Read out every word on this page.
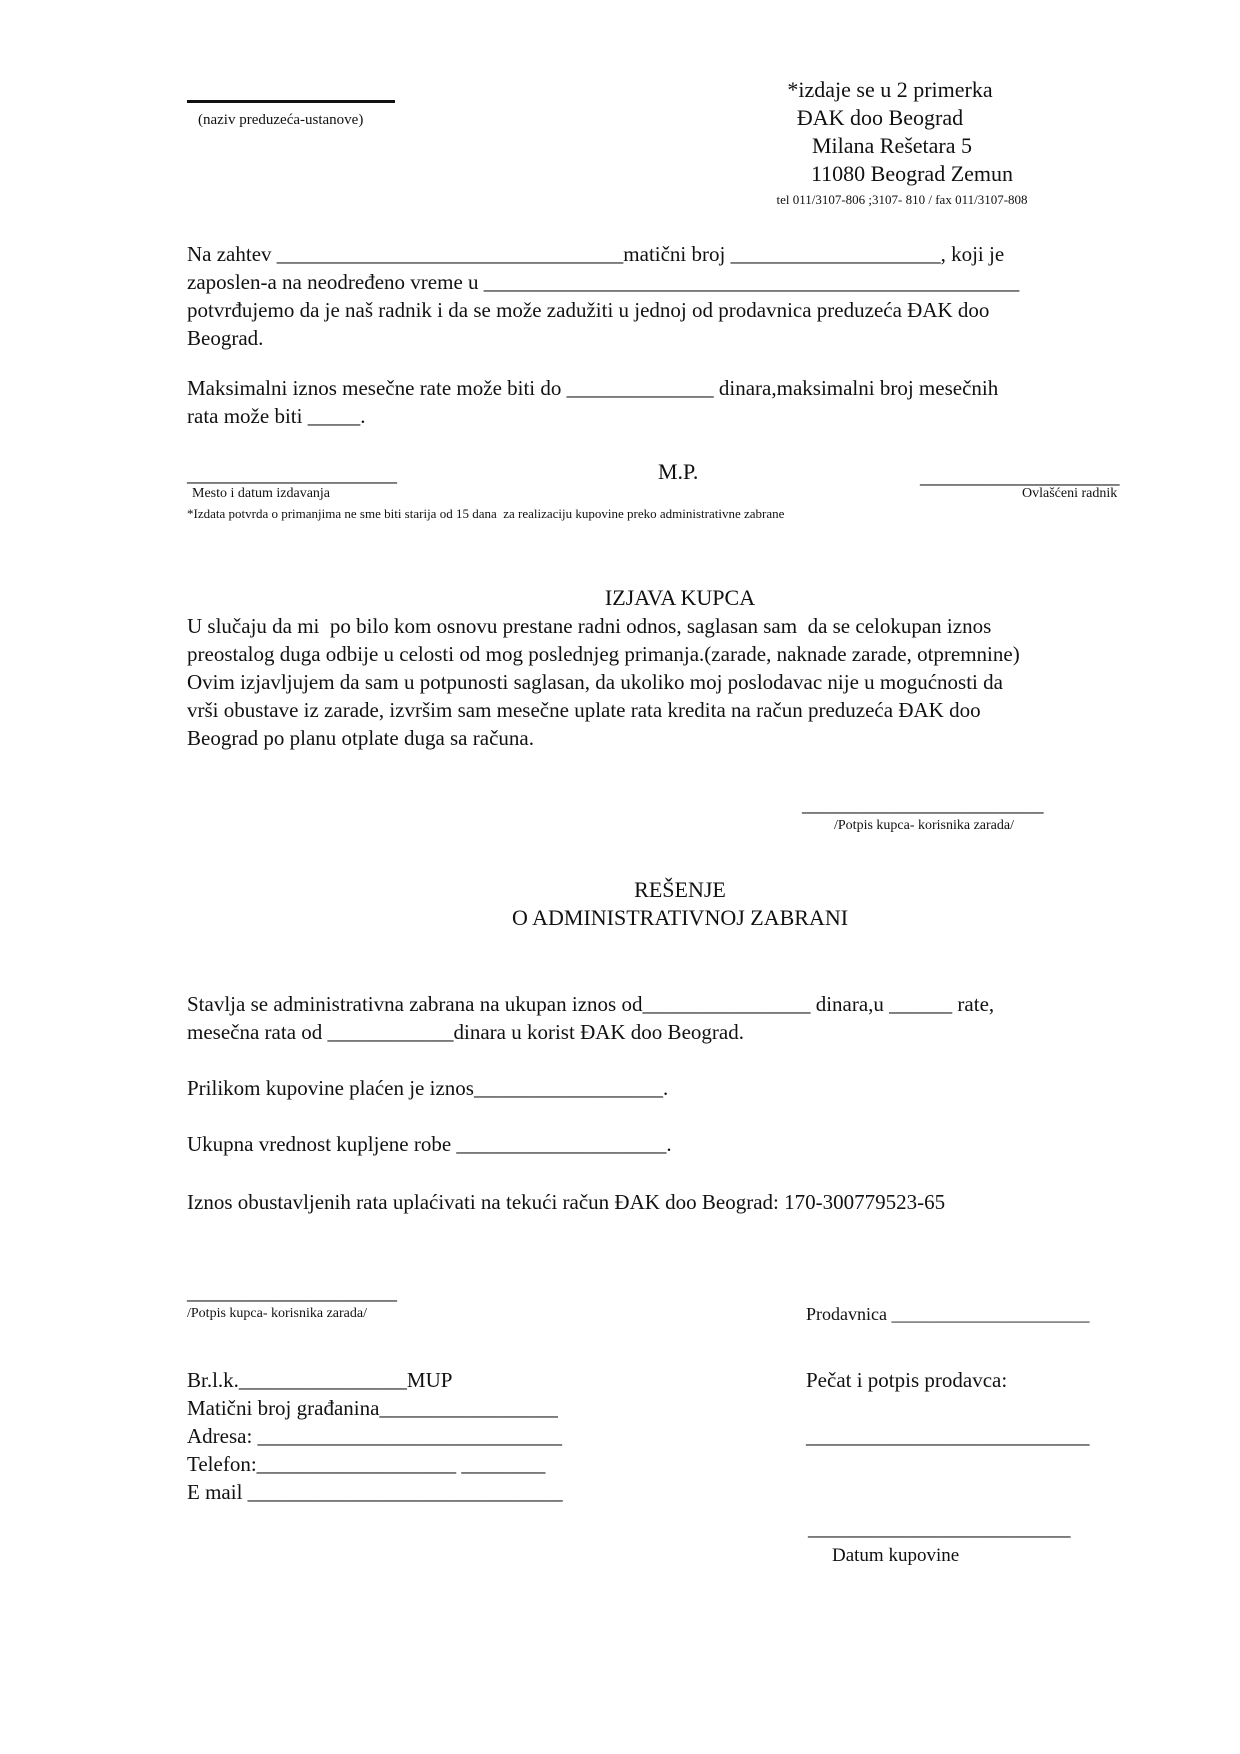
(naziv preduzeća-ustanove)
*izdaje se u 2 primerka
ĐAK doo Beograd
Milana Rešetara 5
11080 Beograd Zemun
tel 011/3107-806 ;3107- 810 / fax 011/3107-808
Na zahtev _________________________________matični broj ____________________, koji je
zaposlen-a na neodređeno vreme u ___________________________________________________
potvrđujemo da je naš radnik i da se može zadužiti u jednoj od prodavnica preduzeća ĐAK doo
Beograd.
Maksimalni iznos mesečne rate može biti do ______________ dinara,maksimalni broj mesečnih
rata može biti _____.
____________________	M.P.	___________________
Mesto i datum izdavanja	Ovlašćeni radnik
*Izdata potvrda o primanjima ne sme biti starija od 15 dana  za realizaciju kupovine preko administrativne zabrane
IZJAVA KUPCA
U slučaju da mi  po bilo kom osnovu prestane radni odnos, saglasan sam  da se celokupan iznos
preostalog duga odbije u celosti od mog poslednjeg primanja.(zarade, naknade zarade, otpremnine)
Ovim izjavljujem da sam u potpunosti saglasan, da ukoliko moj poslodavac nije u mogućnosti da
vrši obustave iz zarade, izvršim sam mesečne uplate rata kredita na račun preduzeća ĐAK doo
Beograd po planu otplate duga sa računa.
_______________________
/Potpis kupca- korisnika zarada/
REŠENJE
O ADMINISTRATIVNOJ ZABRANI
Stavlja se administrativna zabrana na ukupan iznos od________________ dinara,u ______ rate,
mesečna rata od ____________dinara u korist ĐAK doo Beograd.
Prilikom kupovine plaćen je iznos__________________.
Ukupna vrednost kupljene robe ____________________.
Iznos obustavljenih rata uplaćivati na tekući račun ĐAK doo Beograd: 170-300779523-65
____________________
/Potpis kupca- korisnika zarada/	Prodavnica ______________________
Br.l.k.________________MUP
Matični broj građanina_________________
Adresa: _____________________________
Telefon:___________________ ________
E mail ______________________________
Pečat i potpis prodavca:
___________________________
_________________________
Datum kupovine
